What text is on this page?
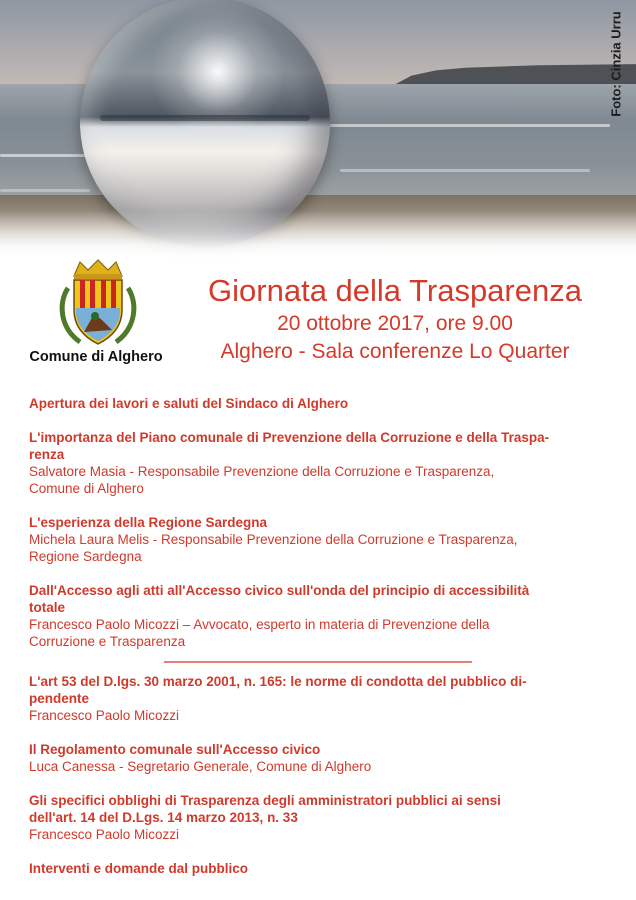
Foto: Cinzia Urru
Comune di Alghero
Giornata della Trasparenza
20 ottobre 2017, ore 9.00
Alghero - Sala conferenze Lo Quarter
Apertura dei lavori e saluti del Sindaco di Alghero
L'importanza del Piano comunale di Prevenzione della Corruzione e della Traspa-
renza
Salvatore Masia - Responsabile Prevenzione della Corruzione e Trasparenza,
Comune di Alghero
L'esperienza della Regione Sardegna
Michela Laura Melis - Responsabile Prevenzione della Corruzione e Trasparenza,
Regione Sardegna
Dall'Accesso agli atti all'Accesso civico sull'onda del principio di accessibilità
totale
Francesco Paolo Micozzi – Avvocato, esperto in materia di Prevenzione della
Corruzione e Trasparenza
L'art 53 del D.lgs. 30 marzo 2001, n. 165: le norme di condotta del pubblico di-
pendente
Francesco Paolo Micozzi
Il Regolamento comunale sull'Accesso civico
Luca Canessa - Segretario Generale, Comune di Alghero
Gli specifici obblighi di Trasparenza degli amministratori pubblici ai sensi
dell'art. 14 del D.Lgs. 14 marzo 2013, n. 33
Francesco Paolo Micozzi
Interventi e domande dal pubblico
